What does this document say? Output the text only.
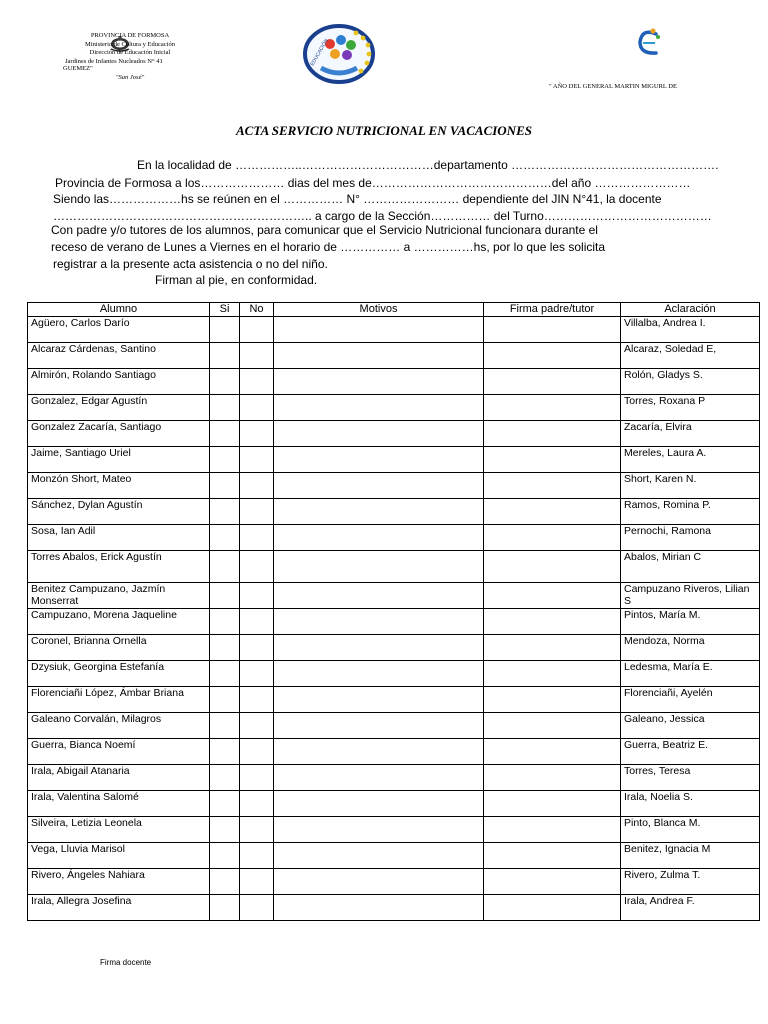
EDUCACIÓN
PROVINCIA DE FORMOSA
Ministerio de Cultura y Educación
Dirección de Educación Inicial
Jardines de Infantes Nucleados N° 41
GUEMEZ"
"San José"
" AÑO DEL GENERAL MARTIN MIGURL DE
ACTA SERVICIO NUTRICIONAL EN VACACIONES
En la localidad de ……………..……………………………departamento …………………………………………….
Provincia de Formosa a los………………… dias del mes de………………………………………del año ……………………
Siendo las………………hs se reúnen en el …………… N° …………………… dependiente del JIN N°41, la docente
……………………………………………………….. a cargo de la Sección…………… del Turno……………………………………
Con padre y/o tutores de los alumnos, para comunicar que el Servicio Nutricional funcionara durante el
receso de verano de Lunes a Viernes en el horario de …………… a ……………hs, por lo que les solicita
registrar a la presente acta asistencia o no del niño.
Firman al pie, en conformidad.
Alumno	Si	No	Motivos	Firma padre/tutor	Aclaración
Agüero, Carlos Darío					Villalba, Andrea I.
Alcaraz Cárdenas, Santino					Alcaraz, Soledad E,
Almirón, Rolando Santiago					Rolón, Gladys S.
Gonzalez, Edgar Agustín					Torres, Roxana P
Gonzalez Zacaría, Santiago					Zacaría, Elvira
Jaime, Santiago Uriel					Mereles, Laura A.
Monzón Short, Mateo					Short, Karen N.
Sánchez, Dylan Agustín					Ramos, Romina P.
Sosa, Ian Adil					Pernochi, Ramona
Torres Abalos, Erick Agustín					Abalos, Mirian C
Benitez Campuzano, Jazmín Monserrat					Campuzano Riveros, Lilian S
Campuzano, Morena Jaqueline					Pintos, María M.
Coronel, Brianna Ornella					Mendoza, Norma
Dzysiuk, Georgina Estefanía					Ledesma, María E.
Florenciañi López, Ámbar Briana					Florenciañi, Ayelén
Galeano Corvalán, Milagros					Galeano, Jessica
Guerra, Bianca Noemí					Guerra, Beatriz E.
Irala, Abigail Atanaria					Torres, Teresa
Irala, Valentina Salomé					Irala, Noelia S.
Silveira, Letizia Leonela					Pinto, Blanca M.
Vega, Lluvia Marisol					Benitez, Ignacia M
Rivero, Ángeles Nahiara					Rivero, Zulma T.
Irala, Allegra Josefina					Irala, Andrea F.
Firma docente
